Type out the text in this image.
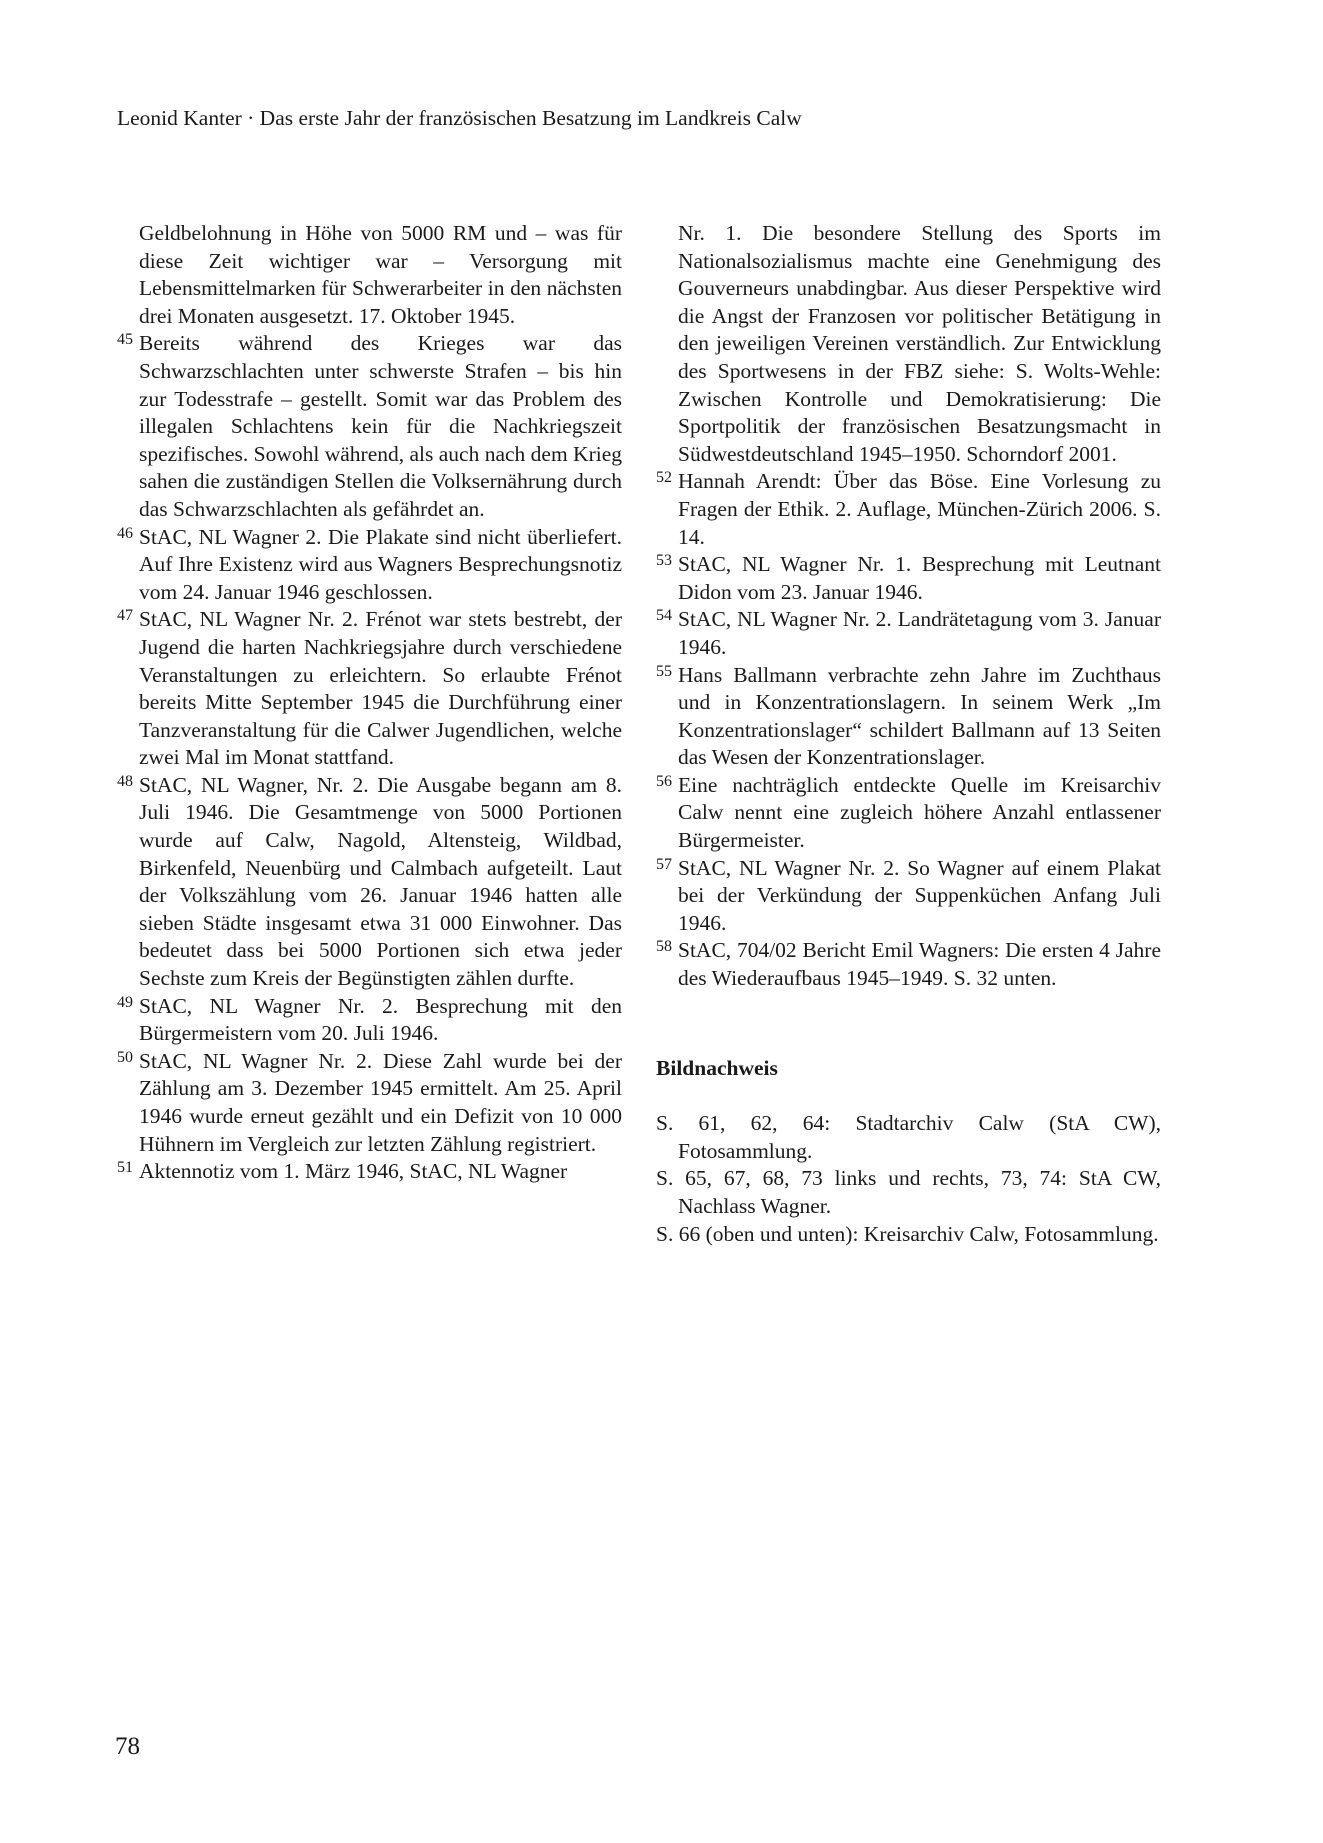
Leonid Kanter · Das erste Jahr der französischen Besatzung im Landkreis Calw

Geldbelohnung in Höhe von 5000 RM und – was für diese Zeit wichtiger war – Versorgung mit Lebensmittelmarken für Schwerarbeiter in den nächsten drei Monaten ausgesetzt. 17. Oktober 1945.

45 Bereits während des Krieges war das Schwarzschlachten unter schwerste Strafen – bis hin zur Todesstrafe – gestellt. Somit war das Problem des illegalen Schlachtens kein für die Nachkriegszeit spezifisches. Sowohl während, als auch nach dem Krieg sahen die zuständigen Stellen die Volksernährung durch das Schwarzschlachten als gefährdet an.

46 StAC, NL Wagner 2. Die Plakate sind nicht überliefert. Auf Ihre Existenz wird aus Wagners Besprechungsnotiz vom 24. Januar 1946 geschlossen.

47 StAC, NL Wagner Nr. 2. Frénot war stets bestrebt, der Jugend die harten Nachkriegsjahre durch verschiedene Veranstaltungen zu erleichtern. So erlaubte Frénot bereits Mitte September 1945 die Durchführung einer Tanzveranstaltung für die Calwer Jugendlichen, welche zwei Mal im Monat stattfand.

48 StAC, NL Wagner, Nr. 2. Die Ausgabe begann am 8. Juli 1946. Die Gesamtmenge von 5000 Portionen wurde auf Calw, Nagold, Altensteig, Wildbad, Birkenfeld, Neuenbürg und Calmbach aufgeteilt. Laut der Volkszählung vom 26. Januar 1946 hatten alle sieben Städte insgesamt etwa 31 000 Einwohner. Das bedeutet dass bei 5000 Portionen sich etwa jeder Sechste zum Kreis der Begünstigten zählen durfte.

49 StAC, NL Wagner Nr. 2. Besprechung mit den Bürgermeistern vom 20. Juli 1946.

50 StAC, NL Wagner Nr. 2. Diese Zahl wurde bei der Zählung am 3. Dezember 1945 ermittelt. Am 25. April 1946 wurde erneut gezählt und ein Defizit von 10 000 Hühnern im Vergleich zur letzten Zählung registriert.

51 Aktennotiz vom 1. März 1946, StAC, NL Wagner

Nr. 1. Die besondere Stellung des Sports im Nationalsozialismus machte eine Genehmigung des Gouverneurs unabdingbar. Aus dieser Perspektive wird die Angst der Franzosen vor politischer Betätigung in den jeweiligen Vereinen verständlich. Zur Entwicklung des Sportwesens in der FBZ siehe: S. Wolts-Wehle: Zwischen Kontrolle und Demokratisierung: Die Sportpolitik der französischen Besatzungsmacht in Südwestdeutschland 1945–1950. Schorndorf 2001.

52 Hannah Arendt: Über das Böse. Eine Vorlesung zu Fragen der Ethik. 2. Auflage, München-Zürich 2006. S. 14.

53 StAC, NL Wagner Nr. 1. Besprechung mit Leutnant Didon vom 23. Januar 1946.

54 StAC, NL Wagner Nr. 2. Landrätetagung vom 3. Januar 1946.

55 Hans Ballmann verbrachte zehn Jahre im Zuchthaus und in Konzentrationslagern. In seinem Werk „Im Konzentrationslager“ schildert Ballmann auf 13 Seiten das Wesen der Konzentrationslager.

56 Eine nachträglich entdeckte Quelle im Kreisarchiv Calw nennt eine zugleich höhere Anzahl entlassener Bürgermeister.

57 StAC, NL Wagner Nr. 2. So Wagner auf einem Plakat bei der Verkündung der Suppenküchen Anfang Juli 1946.

58 StAC, 704/02 Bericht Emil Wagners: Die ersten 4 Jahre des Wiederaufbaus 1945–1949. S. 32 unten.

Bildnachweis

S. 61, 62, 64: Stadtarchiv Calw (StA CW), Fotosammlung.

S. 65, 67, 68, 73 links und rechts, 73, 74: StA CW, Nachlass Wagner.

S. 66 (oben und unten): Kreisarchiv Calw, Fotosammlung.

78
